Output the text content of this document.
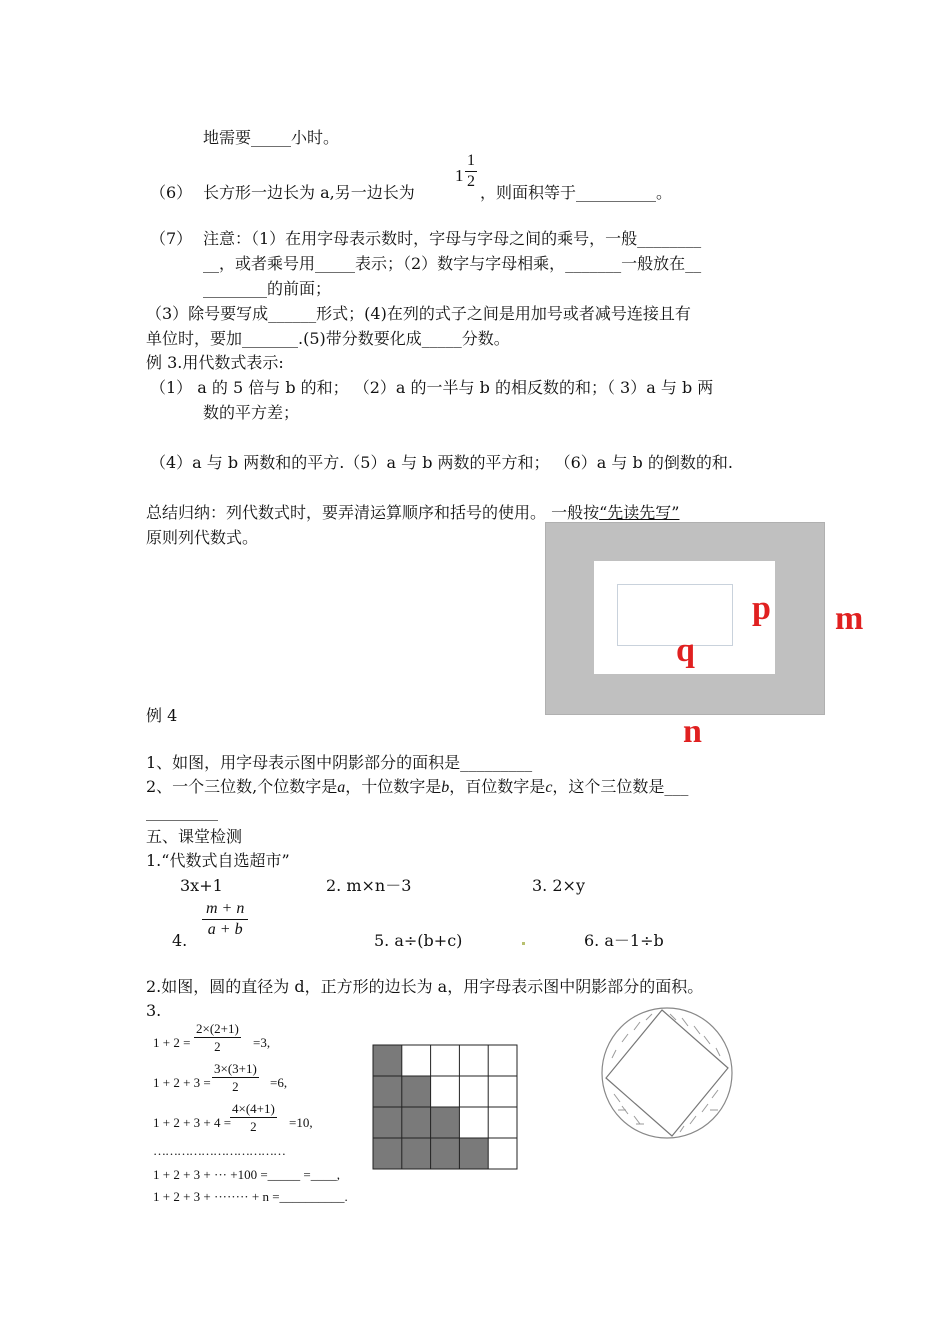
地需要_____小时。
（6） 长方形一边长为 a,另一边长为
$1 \frac{1}{2}$
，则面积等于__________。
（7） 注意：（1）在用字母表示数时，字母与字母之间的乘号，一般________
__，或者乘号用_____表示；（2）数字与字母相乘，_______一般放在__
________的前面；
（3）除号要写成______形式；(4)在列的式子之间是用加号或者减号连接且有
单位时，要加_______.(5)带分数要化成_____分数。
例 3.用代数式表示:
（1） a 的 5 倍与 b 的和； （2）a 的一半与 b 的相反数的和；（ 3）a 与 b 两
数的平方差；
（4）a 与 b 两数和的平方.（5）a 与 b 两数的平方和； （6）a 与 b 的倒数的和.
总结归纳：列代数式时，要弄清运算顺序和括号的使用。 一般按“先读先写”
原则列代数式。
p m
q
n
例 4
1、如图，用字母表示图中阴影部分的面积是_________
2、一个三位数,个位数字是a，十位数字是b，百位数字是c，这个三位数是___
_________
五、课堂检测
1.“代数式自选超市”
3x+1	2. m×n－3	3. 2×y
$\frac{m + n}{a + b}$
4.	5. a÷(b+c)	6. a－1÷b
2.如图，圆的直径为 d，正方形的边长为 a，用字母表示图中阴影部分的面积。
3.
$1 + 2 = \frac{2\times(2+1)}{2} =3$,
$1 + 2 + 3 = \frac{3\times(3+1)}{2} =6$,
1 + 2 + 3 + 4 =
$\frac{4\times(4+1)}{2} =10$,
……………………………
1 + 2 + 3 + ··· +100 =_____ =____,
1 + 2 + 3 + ········ + n =__________.
